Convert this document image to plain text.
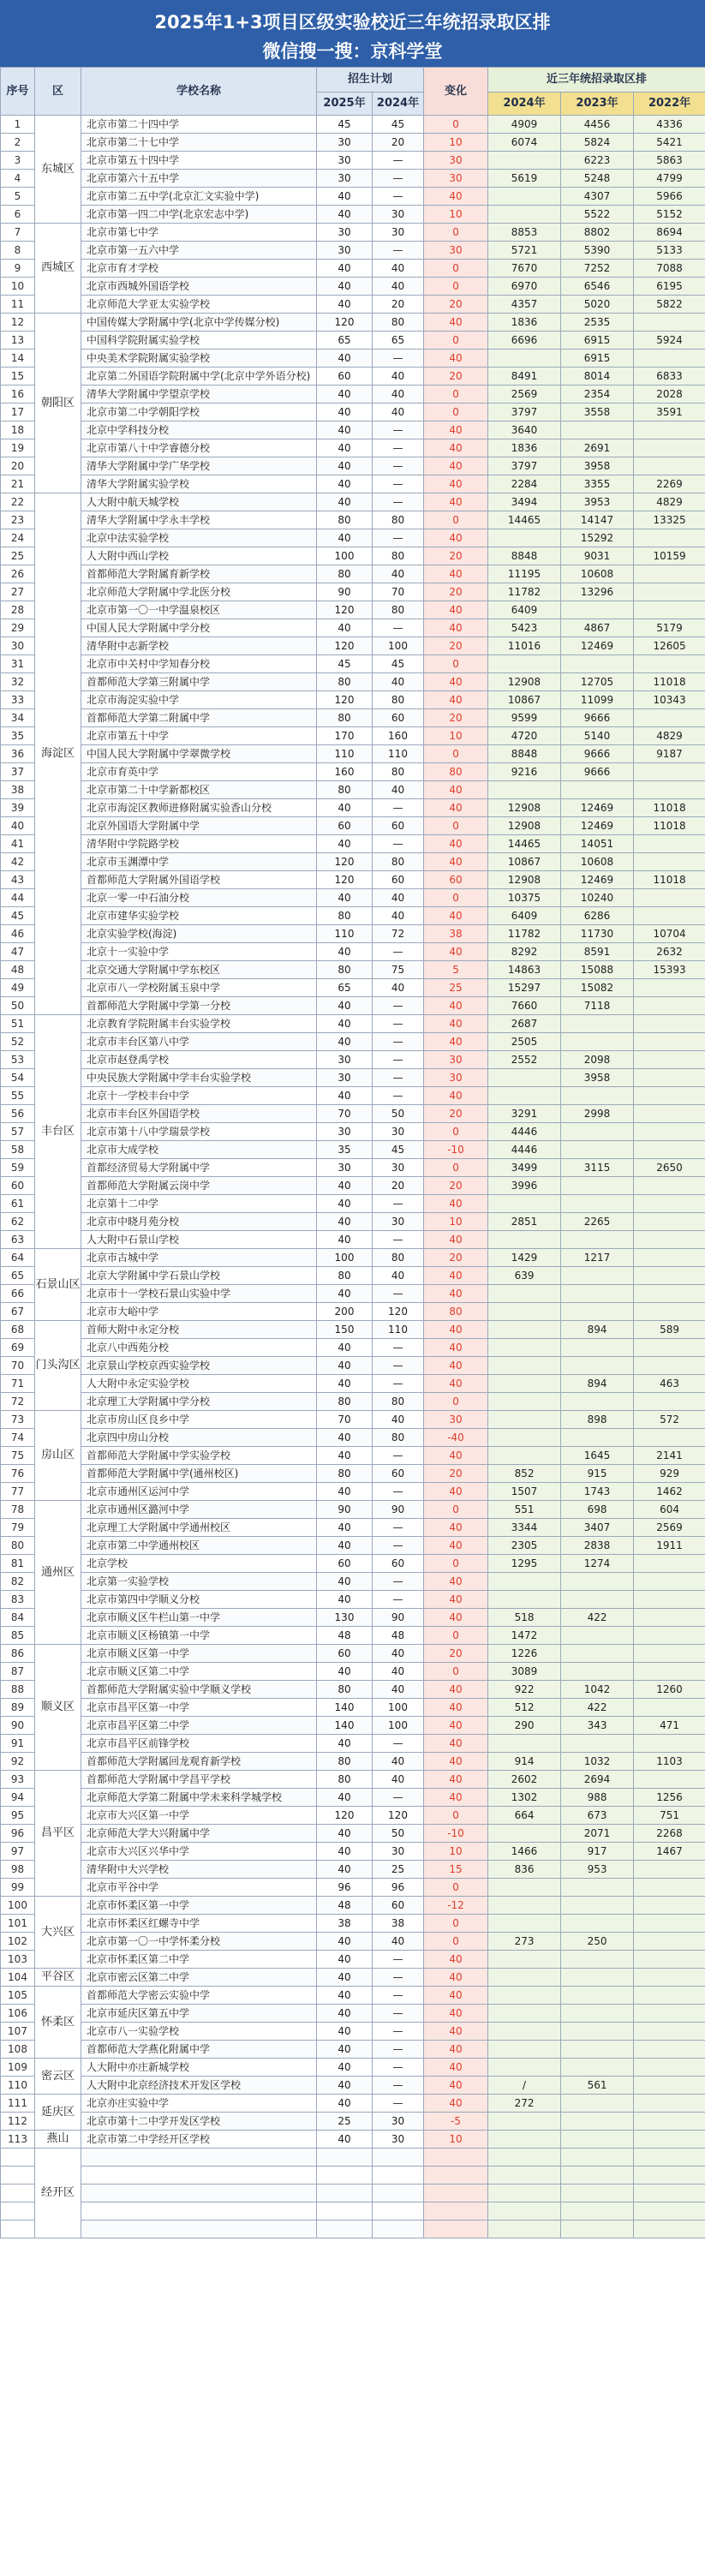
2025年1+3项目区级实验校近三年统招录取区排
微信搜一搜：京科学堂
序号	区	学校名称	招生计划		变化	近三年统招录取区排		
			2025年	2024年		2024年	2023年	2022年
1	东城区	北京市第二十四中学	45	45	0	4909	4456	4336
2		北京市第二十七中学	30	20	10	6074	5824	5421
3		北京市第五十四中学	30	—	30		6223	5863
4		北京市第六十五中学	30	—	30	5619	5248	4799
5		北京市第二五中学(北京汇文实验中学)	40	—	40		4307	5966
6		北京市第一四二中学(北京宏志中学)	40	30	10		5522	5152
7	西城区	北京市第七中学	30	30	0	8853	8802	8694
8		北京市第一五六中学	30	—	30	5721	5390	5133
9		北京市育才学校	40	40	0	7670	7252	7088
10		北京市西城外国语学校	40	40	0	6970	6546	6195
11		北京师范大学亚太实验学校	40	20	20	4357	5020	5822
12	朝阳区	中国传媒大学附属中学(北京中学传媒分校)	120	80	40	1836	2535	
13		中国科学院附属实验学校	65	65	0	6696	6915	5924
14		中央美术学院附属实验学校	40	—	40		6915	
15		北京第二外国语学院附属中学(北京中学外语分校)	60	40	20	8491	8014	6833
16		清华大学附属中学望京学校	40	40	0	2569	2354	2028
17		北京市第二中学朝阳学校	40	40	0	3797	3558	3591
18		北京中学科技分校	40	—	40	3640		
19		北京市第八十中学睿德分校	40	—	40	1836	2691	
20		清华大学附属中学广华学校	40	—	40	3797	3958	
21		清华大学附属实验学校	40	—	40	2284	3355	2269
22	海淀区	人大附中航天城学校	40	—	40	3494	3953	4829
23		清华大学附属中学永丰学校	80	80	0	14465	14147	13325
24		北京中法实验学校	40	—	40		15292	
25		人大附中西山学校	100	80	20	8848	9031	10159
26		首都师范大学附属育新学校	80	40	40	11195	10608	
27		北京师范大学附属中学北医分校	90	70	20	11782	13296	
28		北京市第一〇一中学温泉校区	120	80	40	6409		
29		中国人民大学附属中学分校	40	—	40	5423	4867	5179
30		清华附中志新学校	120	100	20	11016	12469	12605
31		北京市中关村中学知春分校	45	45	0			
32		首都师范大学第三附属中学	80	40	40	12908	12705	11018
33		北京市海淀实验中学	120	80	40	10867	11099	10343
34		首都师范大学第二附属中学	80	60	20	9599	9666	
35		北京市第五十中学	170	160	10	4720	5140	4829
36		中国人民大学附属中学翠微学校	110	110	0	8848	9666	9187
37		北京市育英中学	160	80	80	9216	9666	
38		北京市第二十中学新都校区	80	40	40			
39		北京市海淀区教师进修附属实验香山分校	40	—	40	12908	12469	11018
40		北京外国语大学附属中学	60	60	0	12908	12469	11018
41		清华附中学院路学校	40	—	40	14465	14051	
42		北京市玉渊潭中学	120	80	40	10867	10608	
43		首都师范大学附属外国语学校	120	60	60	12908	12469	11018
44		北京一零一中石油分校	40	40	0	10375	10240	
45		北京市建华实验学校	80	40	40	6409	6286	
46		北京实验学校(海淀)	110	72	38	11782	11730	10704
47		北京十一实验中学	40	—	40	8292	8591	2632
48		北京交通大学附属中学东校区	80	75	5	14863	15088	15393
49		北京市八一学校附属玉泉中学	65	40	25	15297	15082	
50		首都师范大学附属中学第一分校	40	—	40	7660	7118	
51	丰台区	北京教育学院附属丰台实验学校	40	—	40	2687		
52		北京市丰台区第八中学	40	—	40	2505		
53		北京市赵登禹学校	30	—	30	2552	2098	
54		中央民族大学附属中学丰台实验学校	30	—	30		3958	
55		北京十一学校丰台中学	40	—	40			
56		北京市丰台区外国语学校	70	50	20	3291	2998	
57		北京市第十八中学瑞景学校	30	30	0	4446		
58		北京市大成学校	35	45	-10	4446		
59		首都经济贸易大学附属中学	30	30	0	3499	3115	2650
60		首都师范大学附属云岗中学	40	20	20	3996		
61		北京第十二中学	40	—	40			
62		北京市中晓月苑分校	40	30	10	2851	2265	
63		人大附中石景山学校	40	—	40			
64	石景山区	北京市古城中学	100	80	20	1429	1217	
65		北京大学附属中学石景山学校	80	40	40	639		
66		北京市十一学校石景山实验中学	40	—	40			
67		北京市大峪中学	200	120	80			
68	门头沟区	首师大附中永定分校	150	110	40		894	589
69		北京八中西苑分校	40	—	40			
70		北京景山学校京西实验学校	40	—	40			
71		人大附中永定实验学校	40	—	40		894	463
72		北京理工大学附属中学分校	80	80	0			
73	房山区	北京市房山区良乡中学	70	40	30		898	572
74		北京四中房山分校	40	80	-40			
75		首都师范大学附属中学实验学校	40	—	40		1645	2141
76		首都师范大学附属中学(通州校区)	80	60	20	852	915	929
77		北京市通州区运河中学	40	—	40	1507	1743	1462
78	通州区	北京市通州区潞河中学	90	90	0	551	698	604
79		北京理工大学附属中学通州校区	40	—	40	3344	3407	2569
80		北京市第二中学通州校区	40	—	40	2305	2838	1911
81		北京学校	60	60	0	1295	1274	
82		北京第一实验学校	40	—	40			
83		北京市第四中学顺义分校	40	—	40			
84		北京市顺义区牛栏山第一中学	130	90	40	518	422	
85		北京市顺义区杨镇第一中学	48	48	0	1472		
86	顺义区	北京市顺义区第一中学	60	40	20	1226		
87		北京市顺义区第二中学	40	40	0	3089		
88		首都师范大学附属实验中学顺义学校	80	40	40	922	1042	1260
89		北京市昌平区第一中学	140	100	40	512	422	
90		北京市昌平区第二中学	140	100	40	290	343	471
91		北京市昌平区前锋学校	40	—	40			
92		首都师范大学附属回龙观育新学校	80	40	40	914	1032	1103
93	昌平区	首都师范大学附属中学昌平学校	80	40	40	2602	2694	
94		北京师范大学第二附属中学未来科学城学校	40	—	40	1302	988	1256
95		北京市大兴区第一中学	120	120	0	664	673	751
96		北京师范大学大兴附属中学	40	50	-10		2071	2268
97		北京市大兴区兴华中学	40	30	10	1466	917	1467
98		清华附中大兴学校	40	25	15	836	953	
99		北京市平谷中学	96	96	0			
100	大兴区	北京市怀柔区第一中学	48	60	-12			
101		北京市怀柔区红螺寺中学	38	38	0			
102		北京市第一〇一中学怀柔分校	40	40	0	273	250	
103		北京市怀柔区第二中学	40	—	40			
104	平谷区	北京市密云区第二中学	40	—	40			
105	怀柔区	首都师范大学密云实验中学	40	—	40			
106		北京市延庆区第五中学	40	—	40			
107		北京市八一实验学校	40	—	40			
108		首都师范大学燕化附属中学	40	—	40			
109	密云区	人大附中亦庄新城学校	40	—	40			
110		人大附中北京经济技术开发区学校	40	—	40	/	561	
111	延庆区	北京亦庄实验中学	40	—	40	272		
112		北京市第十二中学开发区学校	25	30	-5			
113	燕山	北京市第二中学经开区学校	40	30	10			
	经开区							
